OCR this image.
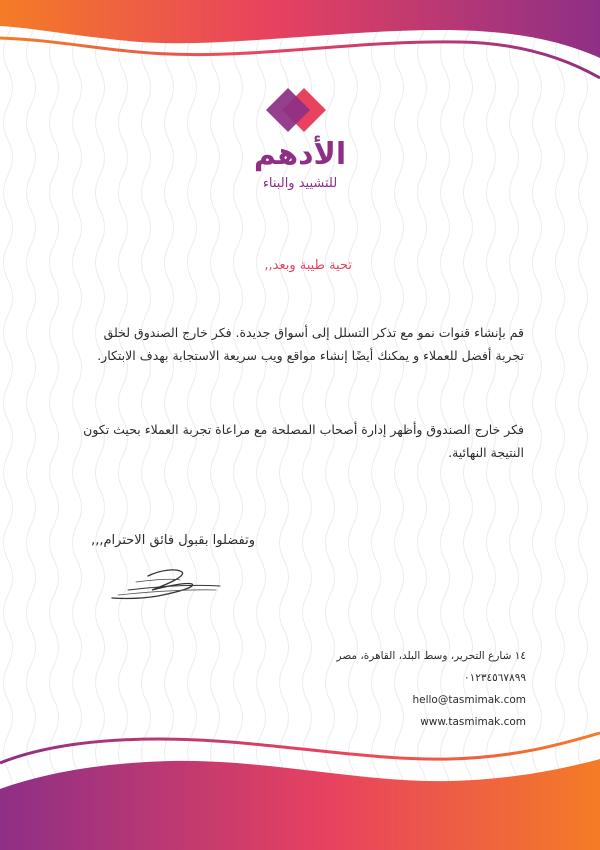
الأدهم
للتشييد والبناء
تحية طيبة وبعد,,
قم بإنشاء قنوات نمو مع تذكر التسلل إلى أسواق جديدة. فكر خارج الصندوق لخلق تجربة أفضل للعملاء و يمكنك أيضًا إنشاء مواقع ويب سريعة الاستجابة بهدف الابتكار.
فكر خارج الصندوق وأظهر إدارة أصحاب المصلحة مع مراعاة تجربة العملاء بحيث تكون النتيجة النهائية.
وتفضلوا بقبول فائق الاحترام,,,
١٤ شارع التحرير، وسط البلد، القاهرة، مصر
٠١٢٣٤٥٦٧٨٩٩
hello@tasmimak.com
www.tasmimak.com
